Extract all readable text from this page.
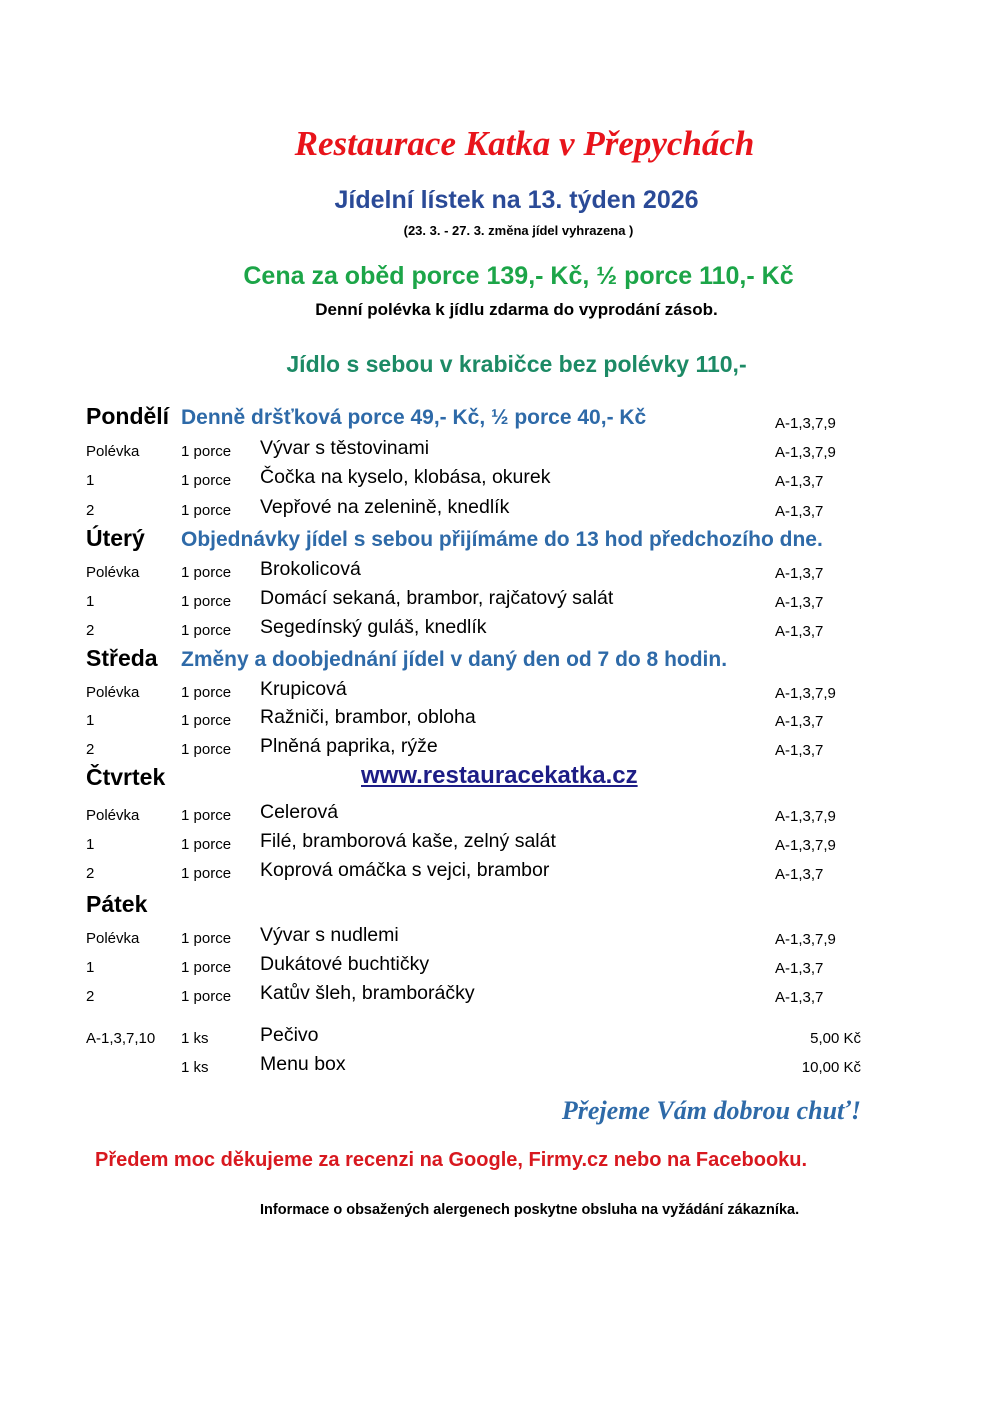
Restaurace Katka v Přepychách
Jídelní lístek na 13. týden 2026
(23. 3. - 27. 3. změna jídel vyhrazena )
Cena za oběd porce 139,- Kč, ½ porce 110,- Kč
Denní polévka k jídlu zdarma do vyprodání zásob.
Jídlo s sebou v krabičce bez polévky 110,-
Pondělí Denně dršťková porce 49,- Kč, ½ porce 40,- Kč	A-1,3,7,9
Polévka	1 porce Vývar s těstovinami	A-1,3,7,9
1	1 porce Čočka na kyselo, klobása, okurek	A-1,3,7
2	1 porce Vepřové na zelenině, knedlík	A-1,3,7
Úterý Objednávky jídel s sebou přijímáme do 13 hod předchozího dne.
Polévka	1 porce Brokolicová	A-1,3,7
1	1 porce Domácí sekaná, brambor, rajčatový salát	A-1,3,7
2	1 porce Segedínský guláš, knedlík	A-1,3,7
Středa Změny a doobjednání jídel v daný den od 7 do 8 hodin.
Polévka	1 porce Krupicová	A-1,3,7,9
1	1 porce Ražniči, brambor, obloha	A-1,3,7
2	1 porce Plněná paprika, rýže	A-1,3,7
Čtvrtek	www.restauracekatka.cz
Polévka	1 porce Celerová	A-1,3,7,9
1	1 porce Filé, bramborová kaše, zelný salát	A-1,3,7,9
2	1 porce Koprová omáčka s vejci, brambor	A-1,3,7
Pátek
Polévka	1 porce Vývar s nudlemi	A-1,3,7,9
1	1 porce Dukátové buchtičky	A-1,3,7
2	1 porce Katův šleh, bramboráčky	A-1,3,7
A-1,3,7,10 1 ks	Pečivo	5,00 Kč
1 ks	Menu box	10,00 Kč
Přejeme Vám dobrou chuť!
Předem moc děkujeme za recenzi na Google, Firmy.cz nebo na Facebooku.
Informace o obsažených alergenech poskytne obsluha na vyžádání zákazníka.
